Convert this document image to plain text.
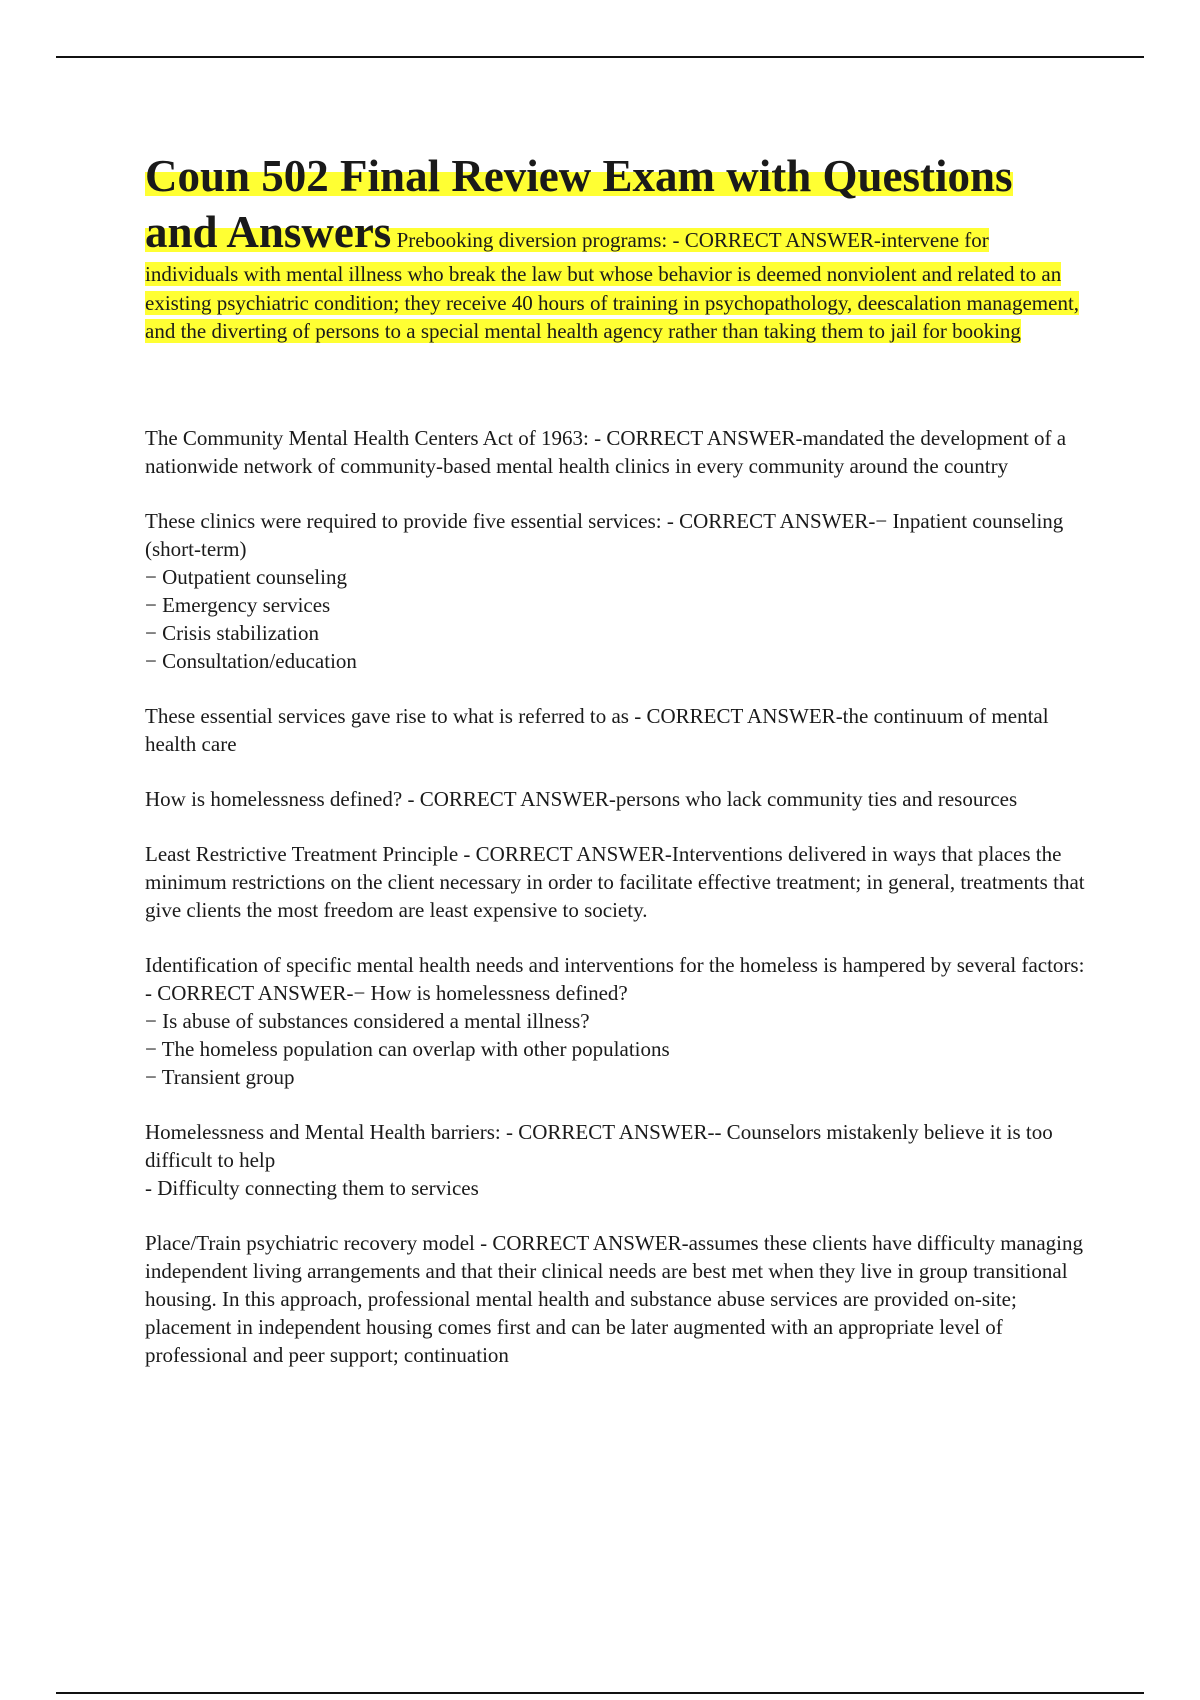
Coun 502 Final Review Exam with Questions and Answers Prebooking diversion programs: - CORRECT ANSWER-intervene for individuals with mental illness who break the law but whose behavior is deemed nonviolent and related to an existing psychiatric condition; they receive 40 hours of training in psychopathology, deescalation management, and the diverting of persons to a special mental health agency rather than taking them to jail for booking

The Community Mental Health Centers Act of 1963: - CORRECT ANSWER-mandated the development of a nationwide network of community-based mental health clinics in every community around the country

These clinics were required to provide five essential services: - CORRECT ANSWER-− Inpatient counseling (short-term)
− Outpatient counseling
− Emergency services
− Crisis stabilization
− Consultation/education

These essential services gave rise to what is referred to as - CORRECT ANSWER-the continuum of mental health care

How is homelessness defined? - CORRECT ANSWER-persons who lack community ties and resources

Least Restrictive Treatment Principle - CORRECT ANSWER-Interventions delivered in ways that places the minimum restrictions on the client necessary in order to facilitate effective treatment; in general, treatments that give clients the most freedom are least expensive to society.

Identification of specific mental health needs and interventions for the homeless is hampered by several factors: - CORRECT ANSWER-− How is homelessness defined?
− Is abuse of substances considered a mental illness?
− The homeless population can overlap with other populations
− Transient group

Homelessness and Mental Health barriers: - CORRECT ANSWER-- Counselors mistakenly believe it is too difficult to help
- Difficulty connecting them to services

Place/Train psychiatric recovery model - CORRECT ANSWER-assumes these clients have difficulty managing independent living arrangements and that their clinical needs are best met when they live in group transitional housing. In this approach, professional mental health and substance abuse services are provided on-site; placement in independent housing comes first and can be later augmented with an appropriate level of professional and peer support; continuation
